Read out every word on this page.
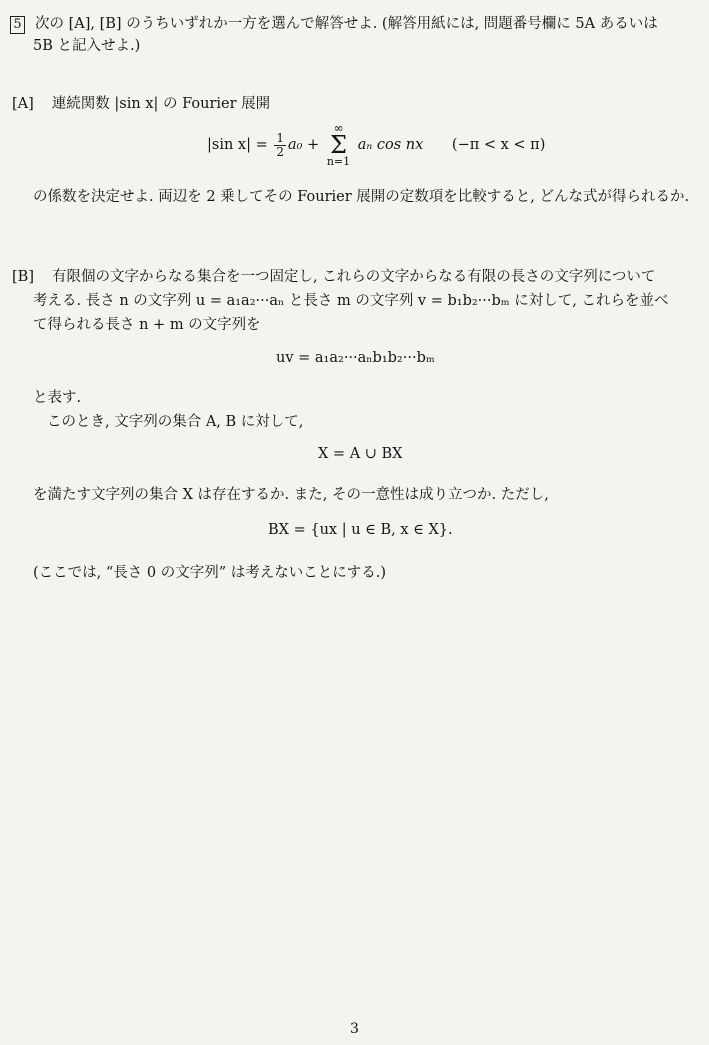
5 次の [A], [B] のうちいずれか一方を選んで解答せよ. (解答用紙には, 問題番号欄に 5A あるいは
5B と記入せよ.)
[A] 連続関数 |sin x| の Fourier 展開
|sin $x| = \frac{1}{2} a_0$ +
∞
Σ
n=1
aₙ cos nx (−π < x < π)
の係数を決定せよ. 両辺を 2 乗してその Fourier 展開の定数項を比較すると, どんな式が得られるか.
[B] 有限個の文字からなる集合を一つ固定し, これらの文字からなる有限の長さの文字列について
考える. 長さ n の文字列 u = a₁a₂···aₙ と長さ m の文字列 v = b₁b₂···bₘ に対して, これらを並べ
て得られる長さ n + m の文字列を
uv = a₁a₂···aₙb₁b₂···bₘ
と表す.
このとき, 文字列の集合 A, B に対して,
X = A ∪ BX
を満たす文字列の集合 X は存在するか. また, その一意性は成り立つか. ただし,
BX = {ux | u ∈ B, x ∈ X}.
(ここでは, “長さ 0 の文字列” は考えないことにする.)
3
